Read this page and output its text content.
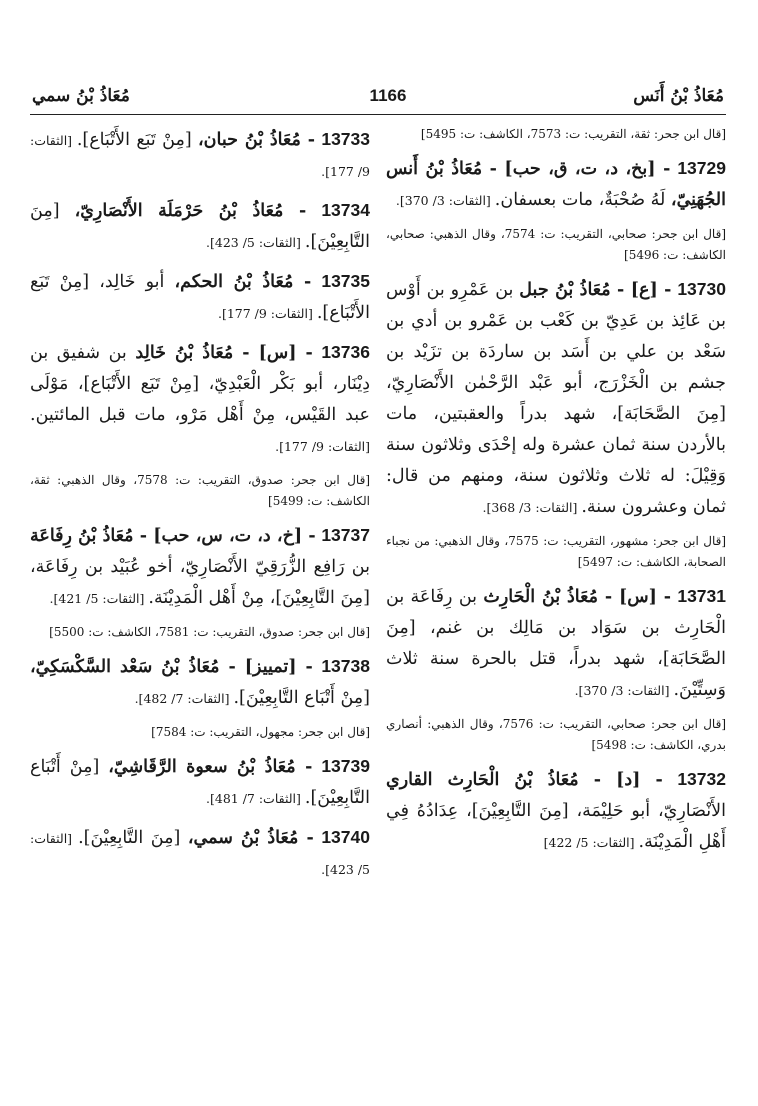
مُعَاذُ بْنُ أَنَس
1166
مُعَاذُ بْنُ سمي

[قال ابن جحر: ثقة، التقريب: ت: 7573، الكاشف: ت: 5495]

13729 - [بخ، د، ت، ق، حب] - مُعَاذُ بْنُ أَنس الجُهَنِيّ، لَهُ صُحْبَةٌ، مات بعسفان. [الثقات: 3/ 370].

[قال ابن جحر: صحابي، التقريب: ت: 7574، وقال الذهبي: صحابي، الكاشف: ت: 5496]

13730 - [ع] - مُعَاذُ بْنُ جبل بن عَمْرِو بن أَوْس بن عَائِذ بن عَدِيّ بن كَعْب بن عَمْرو بن أدي بن سَعْد بن علي بن أَسَد بن ساردَة بن تزَيْد بن جشم بن الْخَزْرَج، أبو عَبْد الرَّحْمٰن الأَنْصَارِيّ، [مِنَ الصَّحَابَة]، شهد بدراً والعقبتين، مات بالأردن سنة ثمان عشرة وله إحْدَى وثلاثون سنة وَقِيْلَ: له ثلاث وثلاثون سنة، ومنهم من قال: ثمان وعشرون سنة. [الثقات: 3/ 368].

[قال ابن جحر: مشهور، التقريب: ت: 7575، وقال الذهبي: من نجباء الصحابة، الكاشف: ت: 5497]

13731 - [س] - مُعَاذُ بْنُ الْحَارِث بن رِفَاعَة بن الْحَارِث بن سَوَاد بن مَالِك بن غنم، [مِنَ الصَّحَابَة]، شهد بدراً، قتل بالحرة سنة ثلاث وَسِتِّيْنَ. [الثقات: 3/ 370].

[قال ابن جحر: صحابي، التقريب: ت: 7576، وقال الذهبي: أنصاري بدري، الكاشف: ت: 5498]

13732 - [د] - مُعَاذُ بْنُ الْحَارِث القاري الأَنْصَارِيّ، أبو حَلِيْمَة، [مِنَ التَّابِعِيْنَ]، عِدَادُهُ فِي أَهْلِ الْمَدِيْنَة. [الثقات: 5/ 422]

13733 - مُعَاذُ بْنُ حبان، [مِنْ تَبَع الأَتْبَاع]. [الثقات: 9/ 177].

13734 - مُعَاذُ بْنُ حَرْمَلَة الأَنْصَارِيّ، [مِنَ التَّابِعِيْنَ]. [الثقات: 5/ 423].

13735 - مُعَاذُ بْنُ الحكم، أبو خَالِد، [مِنْ تَبَع الأَتْبَاع]. [الثقات: 9/ 177].

13736 - [س] - مُعَاذُ بْنُ خَالِد بن شفيق بن دِيْنَار، أبو بَكْر الْعَبْدِيّ، [مِنْ تَبَع الأَتْبَاع]، مَوْلَى عبد القَيْس، مِنْ أَهْل مَرْو، مات قبل المائتين. [الثقات: 9/ 177].

[قال ابن جحر: صدوق، التقريب: ت: 7578، وقال الذهبي: ثقة، الكاشف: ت: 5499]

13737 - [خ، د، ت، س، حب] - مُعَاذُ بْنُ رِفَاعَة بن رَافِع الزُّرَقِيّ الأَنْصَارِيّ، أخو عُبَيْد بن رِفَاعَة، [مِنَ التَّابِعِيْنَ]، مِنْ أَهْل الْمَدِيْنَة. [الثقات: 5/ 421].

[قال ابن جحر: صدوق، التقريب: ت: 7581، الكاشف: ت: 5500]

13738 - [تمييز] - مُعَاذُ بْنُ سَعْد السَّكْسَكِيّ، [مِنْ أَتْبَاع التَّابِعِيْنَ]. [الثقات: 7/ 482].

[قال ابن جحر: مجهول، التقريب: ت: 7584]

13739 - مُعَاذُ بْنُ سعوة الرَّقَاشِيّ، [مِنْ أَتْبَاع التَّابِعِيْنَ]. [الثقات: 7/ 481].

13740 - مُعَاذُ بْنُ سمي، [مِنَ التَّابِعِيْنَ]. [الثقات: 5/ 423].
